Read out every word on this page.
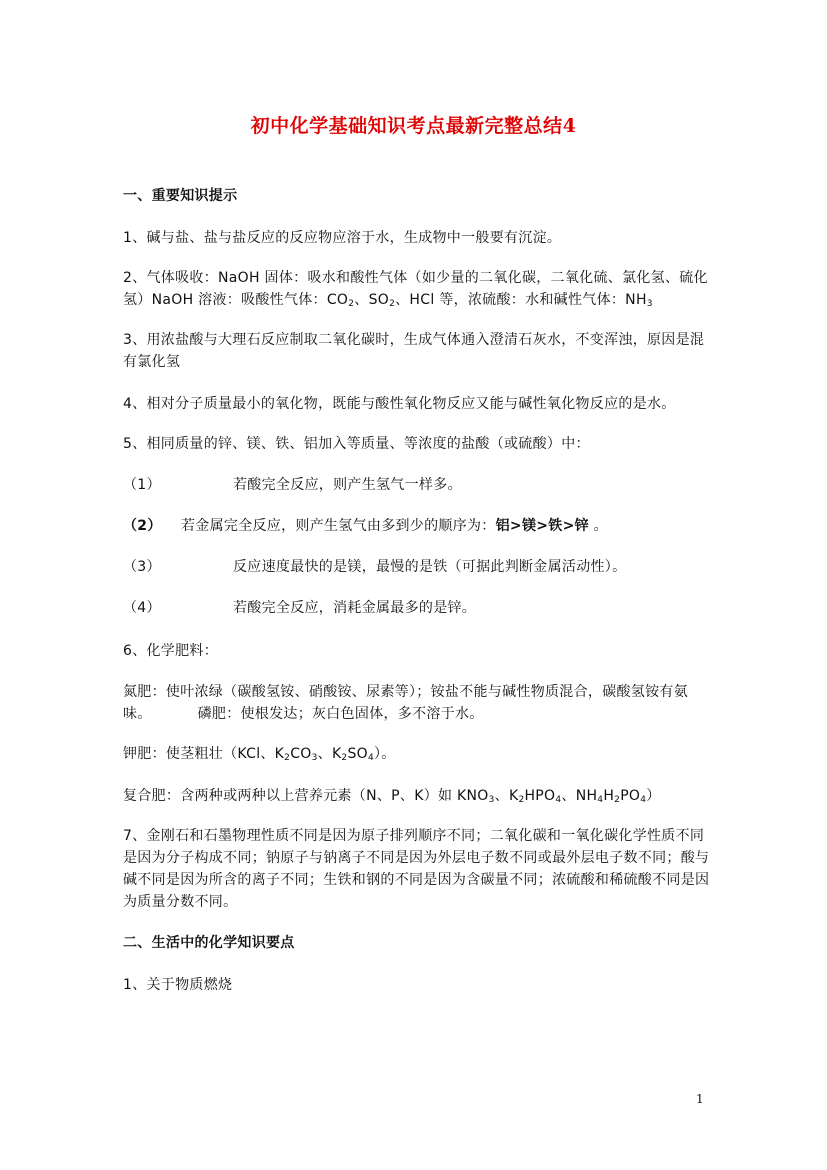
初中化学基础知识考点最新完整总结4
一、重要知识提示
1、碱与盐、盐与盐反应的反应物应溶于水，生成物中一般要有沉淀。
2、气体吸收：NaOH 固体：吸水和酸性气体（如少量的二氧化碳，二氧化硫、氯化氢、硫化氢）NaOH 溶液：吸酸性气体：$CO_2$、$SO_2$、HCl 等，浓硫酸：水和碱性气体：$NH_3$
3、用浓盐酸与大理石反应制取二氧化碳时，生成气体通入澄清石灰水，不变浑浊，原因是混有氯化氢
4、相对分子质量最小的氧化物，既能与酸性氧化物反应又能与碱性氧化物反应的是水。
5、相同质量的锌、镁、铁、铝加入等质量、等浓度的盐酸（或硫酸）中：
（1）	若酸完全反应，则产生氢气一样多。
（2） 若金属完全反应，则产生氢气由多到少的顺序为：铝>镁>铁>锌 。
（3）	反应速度最快的是镁，最慢的是铁（可据此判断金属活动性）。
（4）	若酸完全反应，消耗金属最多的是锌。
6、化学肥料：
氮肥：使叶浓绿（碳酸氢铵、硝酸铵、尿素等）；铵盐不能与碱性物质混合，碳酸氢铵有氨味。	磷肥：使根发达；灰白色固体，多不溶于水。
钾肥：使茎粗壮（KCl、$K_2CO_3$、$K_2SO_4$）。
复合肥：含两种或两种以上营养元素（N、P、K）如 $KNO_3$、$K_2HPO_4$、$NH_4H_2PO_4$）
7、金刚石和石墨物理性质不同是因为原子排列顺序不同；二氧化碳和一氧化碳化学性质不同是因为分子构成不同；钠原子与钠离子不同是因为外层电子数不同或最外层电子数不同；酸与碱不同是因为所含的离子不同；生铁和钢的不同是因为含碳量不同；浓硫酸和稀硫酸不同是因为质量分数不同。
二、生活中的化学知识要点
1、关于物质燃烧
1
